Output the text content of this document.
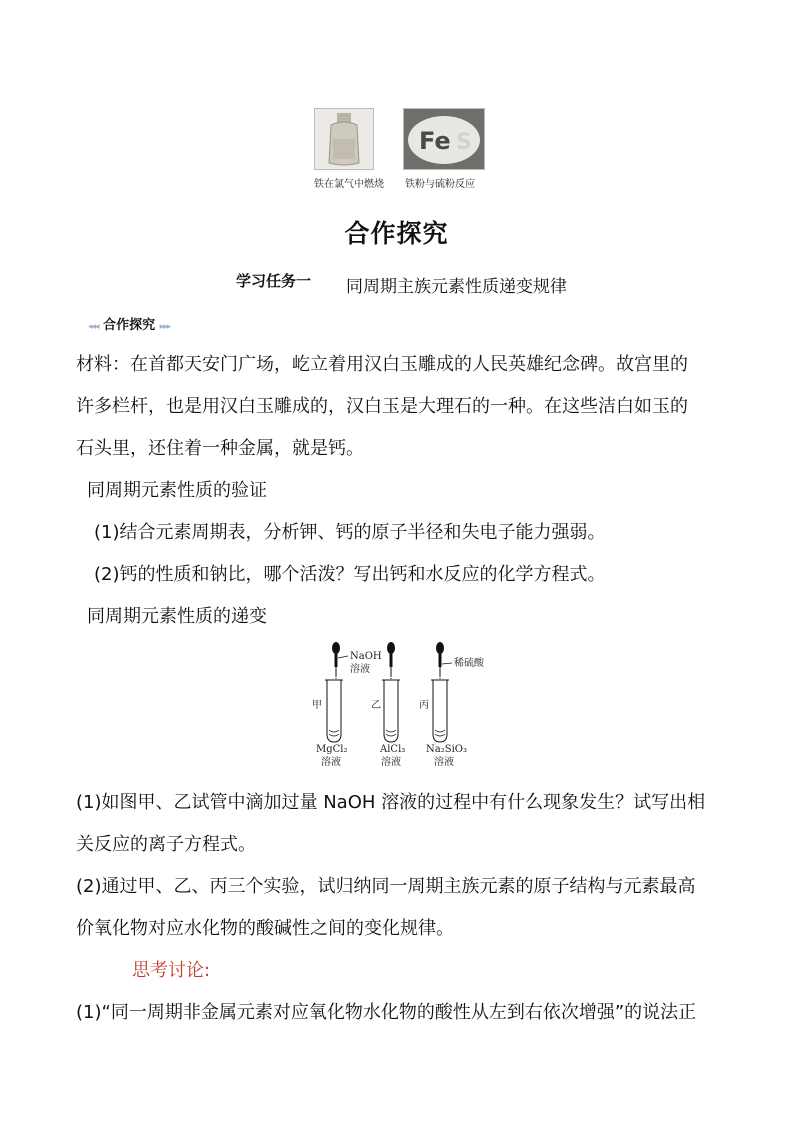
Fe S
铁在氯气中燃烧 铁粉与硫粉反应
合作探究
学习任务一 同周期主族元素性质递变规律
◂◂◂ 合作探究 ▸▸▸
材料：在首都天安门广场，屹立着用汉白玉雕成的人民英雄纪念碑。故宫里的
许多栏杆，也是用汉白玉雕成的，汉白玉是大理石的一种。在这些洁白如玉的
石头里，还住着一种金属，就是钙。
同周期元素性质的验证
(1)结合元素周期表，分析钾、钙的原子半径和失电子能力强弱。
(2)钙的性质和钠比，哪个活泼？写出钙和水反应的化学方程式。
同周期元素性质的递变
NaOH
溶液
稀硫酸
甲	乙	丙
MgCl₂
溶液
AlCl₃
溶液
Na₂SiO₃
溶液
(1)如图甲、乙试管中滴加过量 NaOH 溶液的过程中有什么现象发生？试写出相
关反应的离子方程式。
(2)通过甲、乙、丙三个实验，试归纳同一周期主族元素的原子结构与元素最高
价氧化物对应水化物的酸碱性之间的变化规律。
思考讨论:
(1)“同一周期非金属元素对应氧化物水化物的酸性从左到右依次增强”的说法正
